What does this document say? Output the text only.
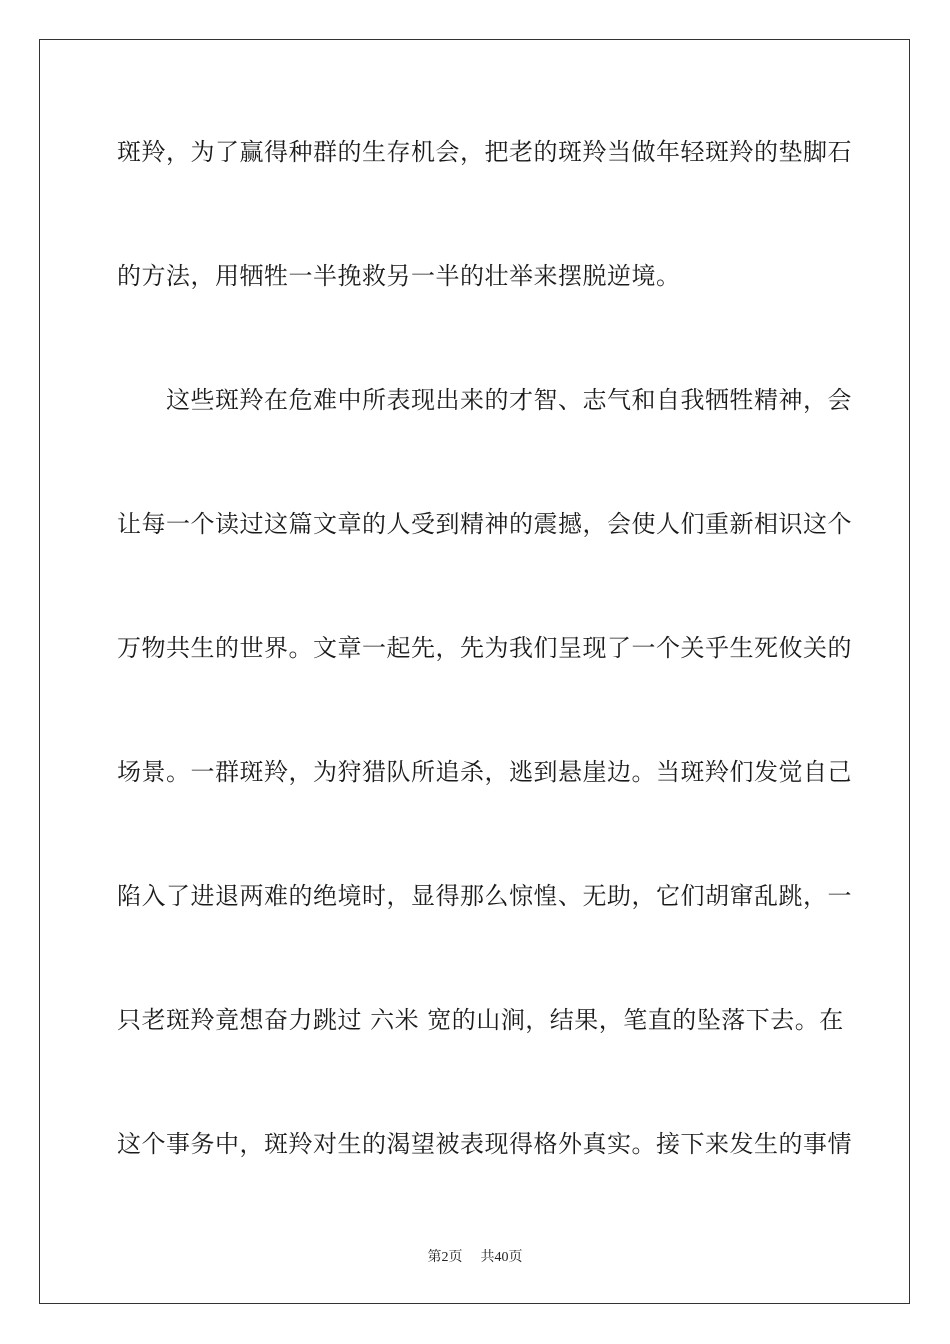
斑羚，为了赢得种群的生存机会，把老的斑羚当做年轻斑羚的垫脚石
的方法，用牺牲一半挽救另一半的壮举来摆脱逆境。
　　这些斑羚在危难中所表现出来的才智、志气和自我牺牲精神，会
让每一个读过这篇文章的人受到精神的震撼，会使人们重新相识这个
万物共生的世界。文章一起先，先为我们呈现了一个关乎生死攸关的
场景。一群斑羚，为狩猎队所追杀，逃到悬崖边。当斑羚们发觉自己
陷入了进退两难的绝境时，显得那么惊惶、无助，它们胡窜乱跳，一
只老斑羚竟想奋力跳过 六米 宽的山涧，结果，笔直的坠落下去。在
这个事务中，斑羚对生的渴望被表现得格外真实。接下来发生的事情
第2页 共40页
